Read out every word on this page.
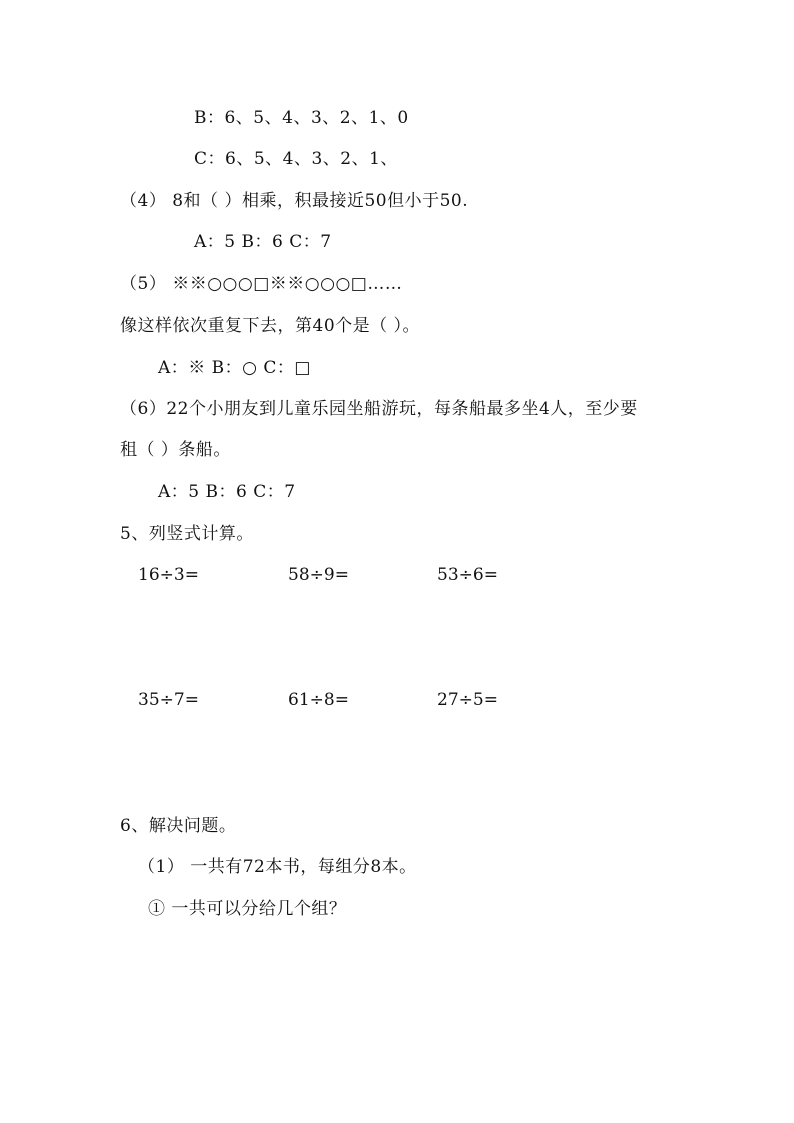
B：6、5、4、3、2、1、0
C：6、5、4、3、2、1、
（4） 8和（ ）相乘，积最接近50但小于50.
A：5 B：6 C：7
（5） ※※○○○□※※○○○□……
像这样依次重复下去，第40个是（ ）。
A：※ B：○ C：□
（6）22个小朋友到儿童乐园坐船游玩，每条船最多坐4人，至少要
租（ ）条船。
A：5 B：6 C：7
5、列竖式计算。
16÷3=	58÷9=	53÷6=
35÷7=	61÷8=	27÷5=
6、解决问题。
（1） 一共有72本书，每组分8本。
① 一共可以分给几个组？
